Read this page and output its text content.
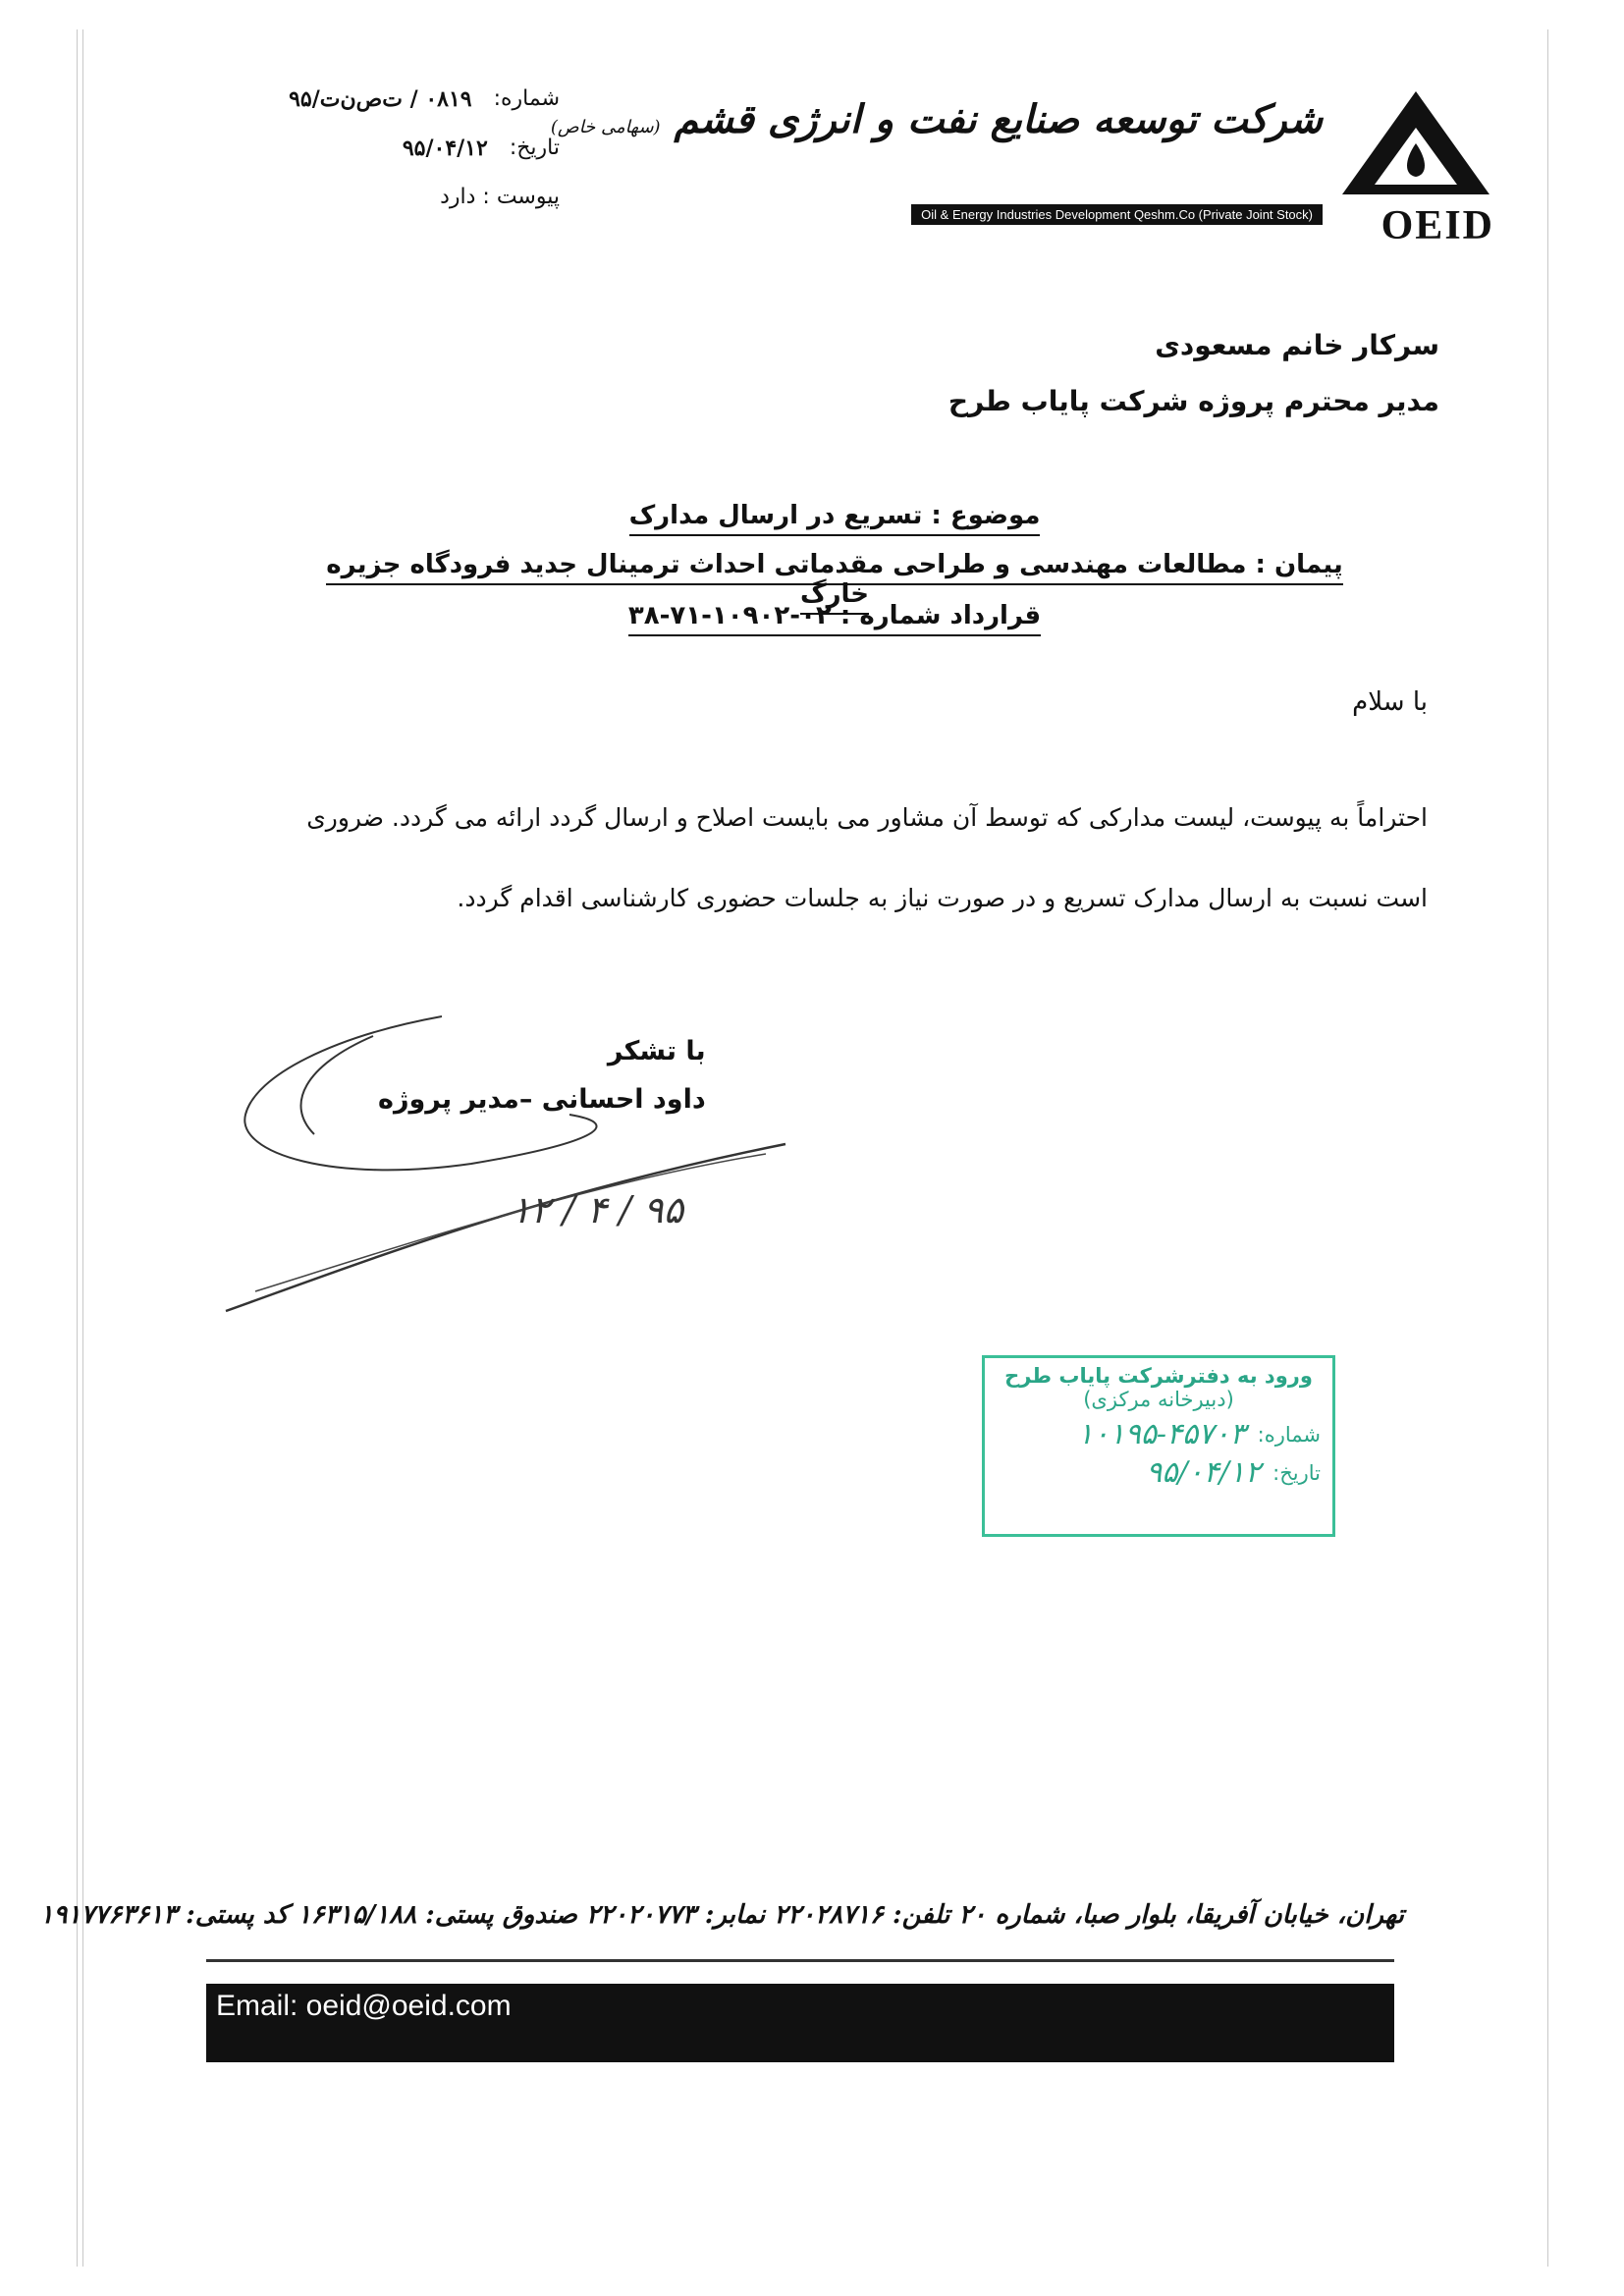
شماره:
۰۸۱۹ / ت‌ص‌ن‌ت/۹۵
تاریخ:
۹۵/۰۴/۱۲
پیوست : دارد
شرکت توسعه صنایع نفت و انرژی قشم (سهامی خاص)
Oil & Energy Industries Development Qeshm.Co (Private Joint Stock) OEID
سرکار خانم مسعودی
مدیر محترم پروژه شرکت پایاب طرح
موضوع : تسریع در ارسال مدارک
پیمان : مطالعات مهندسی و طراحی مقدماتی احداث ترمینال جدید فرودگاه جزیره خارگ
قرارداد شماره : ۰۲-۱۰۹۰۲-۷۱-۳۸
با سلام
احتراماً به پیوست، لیست مدارکی که توسط آن مشاور می بایست اصلاح و ارسال گردد ارائه می گردد. ضروری
است نسبت به ارسال مدارک تسریع و در صورت نیاز به جلسات حضوری کارشناسی اقدام گردد.
با تشکر
داود احسانی –مدیر پروژه
۱۲ / ۴ / ۹۵
ورود به دفترشرکت پایاب طرح
(دبیرخانه مرکزی)
شماره:
۱۰۱۹۵-۴۵۷۰۳
تاریخ:
۹۵/۰۴/۱۲
تهران، خیابان آفریقا، بلوار صبا، شماره ۲۰ تلفن: ۲۲۰۲۸۷۱۶ نمابر: ۲۲۰۲۰۷۷۳ صندوق پستی: ۱۶۳۱۵/۱۸۸ کد پستی: ۱۹۱۷۷۶۳۶۱۳
Email: oeid@oeid.com
